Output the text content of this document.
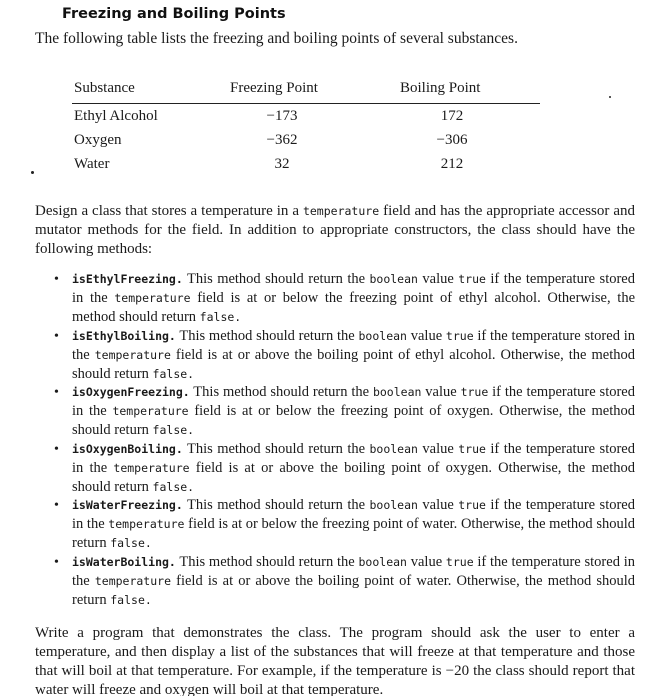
Freezing and Boiling Points
The following table lists the freezing and boiling points of several substances.
Substance	Freezing Point	Boiling Point
Ethyl Alcohol	−173	172
Oxygen	−362	−306
Water	32	212
Design a class that stores a temperature in a temperature field and has the appropriate accessor and mutator methods for the field. In addition to appropriate constructors, the class should have the following methods:
• isEthylFreezing. This method should return the boolean value true if the temperature stored in the temperature field is at or below the freezing point of ethyl alcohol. Otherwise, the method should return false.
• isEthylBoiling. This method should return the boolean value true if the temperature stored in the temperature field is at or above the boiling point of ethyl alcohol. Otherwise, the method should return false.
• isOxygenFreezing. This method should return the boolean value true if the temperature stored in the temperature field is at or below the freezing point of oxygen. Otherwise, the method should return false.
• isOxygenBoiling. This method should return the boolean value true if the temperature stored in the temperature field is at or above the boiling point of oxygen. Otherwise, the method should return false.
• isWaterFreezing. This method should return the boolean value true if the temperature stored in the temperature field is at or below the freezing point of water. Otherwise, the method should return false.
• isWaterBoiling. This method should return the boolean value true if the temperature stored in the temperature field is at or above the boiling point of water. Otherwise, the method should return false.
Write a program that demonstrates the class. The program should ask the user to enter a temperature, and then display a list of the substances that will freeze at that temperature and those that will boil at that temperature. For example, if the temperature is −20 the class should report that water will freeze and oxygen will boil at that temperature.
